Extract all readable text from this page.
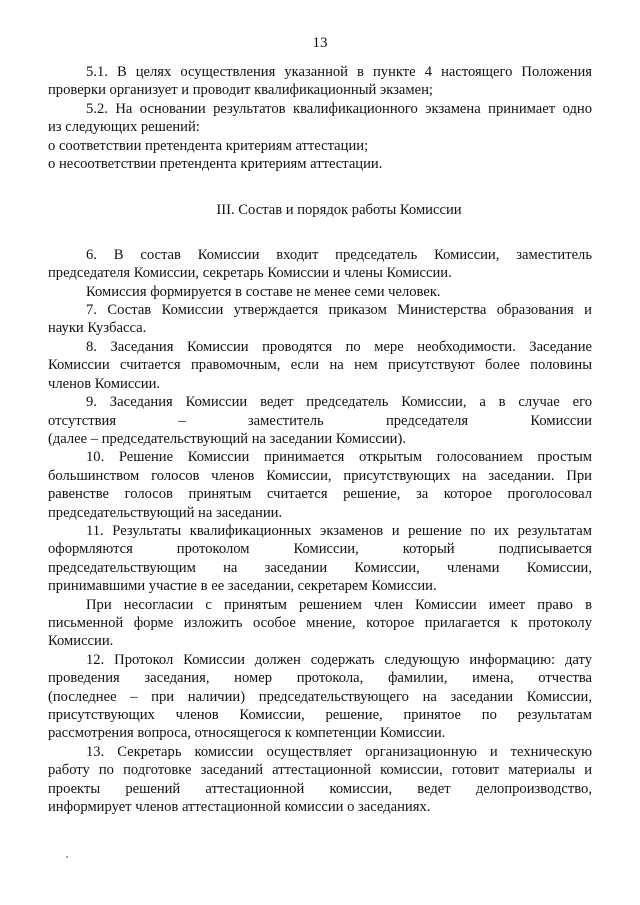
13
5.1. В целях осуществления указанной в пункте 4 настоящего Положения
проверки организует и проводит квалификационный экзамен;
5.2. На основании результатов квалификационного экзамена принимает одно
из следующих решений:
о соответствии претендента критериям аттестации;
о несоответствии претендента критериям аттестации.
III. Состав и порядок работы Комиссии
6. В состав Комиссии входит председатель Комиссии, заместитель
председателя Комиссии, секретарь Комиссии и члены Комиссии.
Комиссия формируется в составе не менее семи человек.
7. Состав Комиссии утверждается приказом Министерства образования и
науки Кузбасса.
8. Заседания Комиссии проводятся по мере необходимости. Заседание
Комиссии считается правомочным, если на нем присутствуют более половины
членов Комиссии.
9. Заседания Комиссии ведет председатель Комиссии, а в случае его
отсутствия – заместитель председателя Комиссии
(далее – председательствующий на заседании Комиссии).
10. Решение Комиссии принимается открытым голосованием простым
большинством голосов членов Комиссии, присутствующих на заседании. При
равенстве голосов принятым считается решение, за которое проголосовал
председательствующий на заседании.
11. Результаты квалификационных экзаменов и решение по их результатам
оформляются протоколом Комиссии, который подписывается
председательствующим на заседании Комиссии, членами Комиссии,
принимавшими участие в ее заседании, секретарем Комиссии.
При несогласии с принятым решением член Комиссии имеет право в
письменной форме изложить особое мнение, которое прилагается к протоколу
Комиссии.
12. Протокол Комиссии должен содержать следующую информацию: дату
проведения заседания, номер протокола, фамилии, имена, отчества
(последнее – при наличии) председательствующего на заседании Комиссии,
присутствующих членов Комиссии, решение, принятое по результатам
рассмотрения вопроса, относящегося к компетенции Комиссии.
13. Секретарь комиссии осуществляет организационную и техническую
работу по подготовке заседаний аттестационной комиссии, готовит материалы и
проекты решений аттестационной комиссии, ведет делопроизводство,
информирует членов аттестационной комиссии о заседаниях.
